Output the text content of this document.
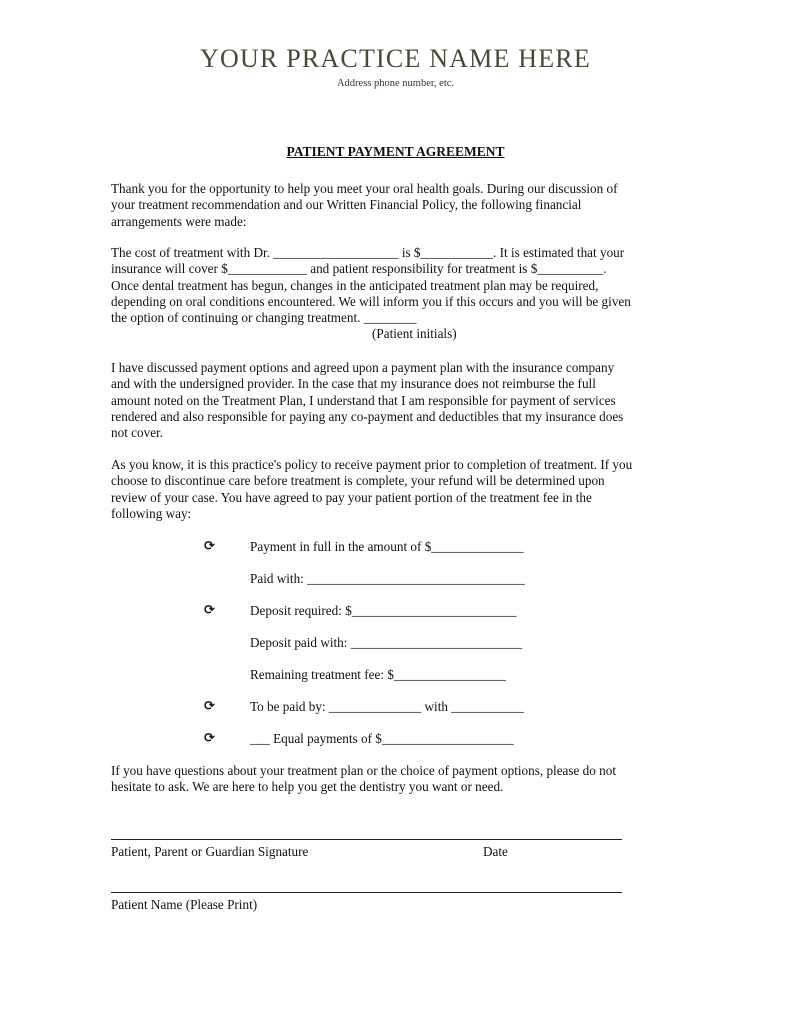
YOUR PRACTICE NAME HERE
Address phone number, etc.
PATIENT PAYMENT AGREEMENT
Thank you for the opportunity to help you meet your oral health goals. During our discussion of
your treatment recommendation and our Written Financial Policy, the following financial
arrangements were made:
The cost of treatment with Dr. ___________________ is $___________. It is estimated that your
insurance will cover $____________ and patient responsibility for treatment is $__________.
Once dental treatment has begun, changes in the anticipated treatment plan may be required,
depending on oral conditions encountered. We will inform you if this occurs and you will be given
the option of continuing or changing treatment. ________
(Patient initials)
I have discussed payment options and agreed upon a payment plan with the insurance company
and with the undersigned provider. In the case that my insurance does not reimburse the full
amount noted on the Treatment Plan, I understand that I am responsible for payment of services
rendered and also responsible for paying any co-payment and deductibles that my insurance does
not cover.
As you know, it is this practice's policy to receive payment prior to completion of treatment. If you
choose to discontinue care before treatment is complete, your refund will be determined upon
review of your case. You have agreed to pay your patient portion of the treatment fee in the
following way:
⟳	Payment in full in the amount of $______________
Paid with: _________________________________
⟳	Deposit required: $_________________________
Deposit paid with: __________________________
Remaining treatment fee: $_________________
⟳	To be paid by: ______________ with ___________
⟳	___ Equal payments of $____________________
If you have questions about your treatment plan or the choice of payment options, please do not
hesitate to ask. We are here to help you get the dentistry you want or need.
Patient, Parent or Guardian Signature	Date
Patient Name (Please Print)
